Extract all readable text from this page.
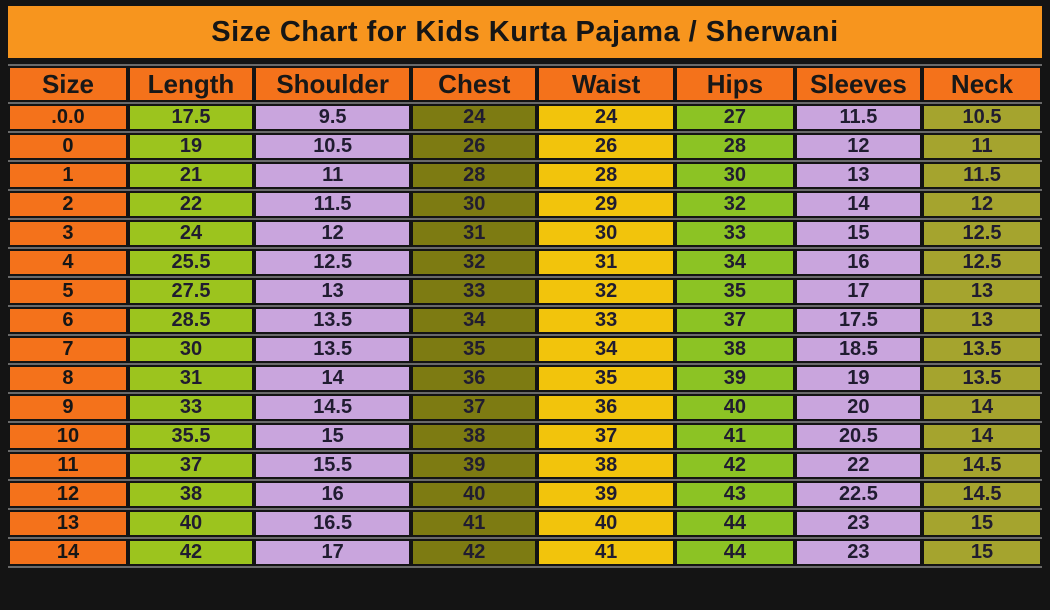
Size Chart for Kids Kurta Pajama / Sherwani
Size	Length	Shoulder	Chest	Waist	Hips	Sleeves	Neck
.0.0	17.5	9.5	24	24	27	11.5	10.5
0	19	10.5	26	26	28	12	11
1	21	11	28	28	30	13	11.5
2	22	11.5	30	29	32	14	12
3	24	12	31	30	33	15	12.5
4	25.5	12.5	32	31	34	16	12.5
5	27.5	13	33	32	35	17	13
6	28.5	13.5	34	33	37	17.5	13
7	30	13.5	35	34	38	18.5	13.5
8	31	14	36	35	39	19	13.5
9	33	14.5	37	36	40	20	14
10	35.5	15	38	37	41	20.5	14
11	37	15.5	39	38	42	22	14.5
12	38	16	40	39	43	22.5	14.5
13	40	16.5	41	40	44	23	15
14	42	17	42	41	44	23	15
